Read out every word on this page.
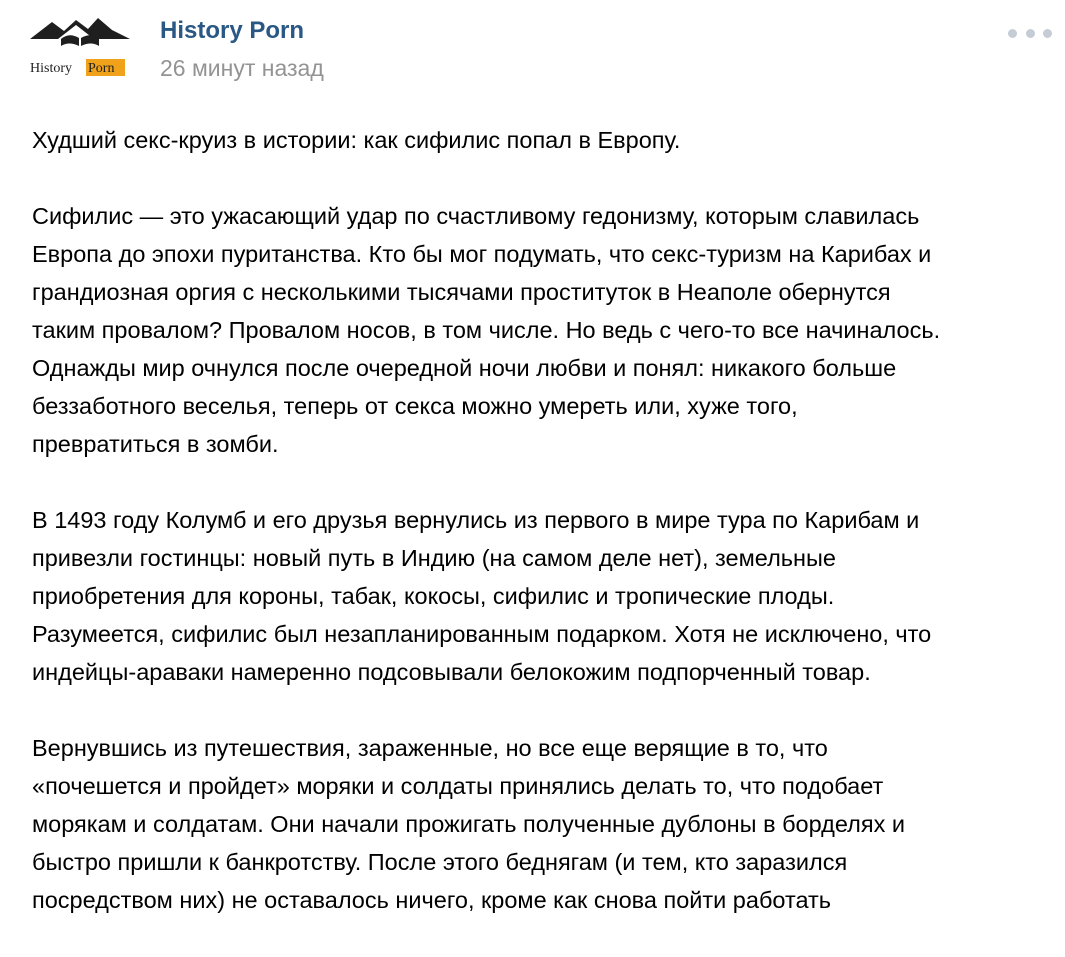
History Porn
History Porn
26 минут назад

Худший секс-круиз в истории: как сифилис попал в Европу.

Сифилис — это ужасающий удар по счастливому гедонизму, которым славилась
Европа до эпохи пуританства. Кто бы мог подумать, что секс-туризм на Карибах и
грандиозная оргия с несколькими тысячами проституток в Неаполе обернутся
таким провалом? Провалом носов, в том числе. Но ведь с чего-то все начиналось.
Однажды мир очнулся после очередной ночи любви и понял: никакого больше
беззаботного веселья, теперь от секса можно умереть или, хуже того,
превратиться в зомби.

В 1493 году Колумб и его друзья вернулись из первого в мире тура по Карибам и
привезли гостинцы: новый путь в Индию (на самом деле нет), земельные
приобретения для короны, табак, кокосы, сифилис и тропические плоды.
Разумеется, сифилис был незапланированным подарком. Хотя не исключено, что
индейцы-араваки намеренно подсовывали белокожим подпорченный товар.

Вернувшись из путешествия, зараженные, но все еще верящие в то, что
«почешется и пройдет» моряки и солдаты принялись делать то, что подобает
морякам и солдатам. Они начали прожигать полученные дублоны в борделях и
быстро пришли к банкротству. После этого беднягам (и тем, кто заразился
посредством них) не оставалось ничего, кроме как снова пойти работать
